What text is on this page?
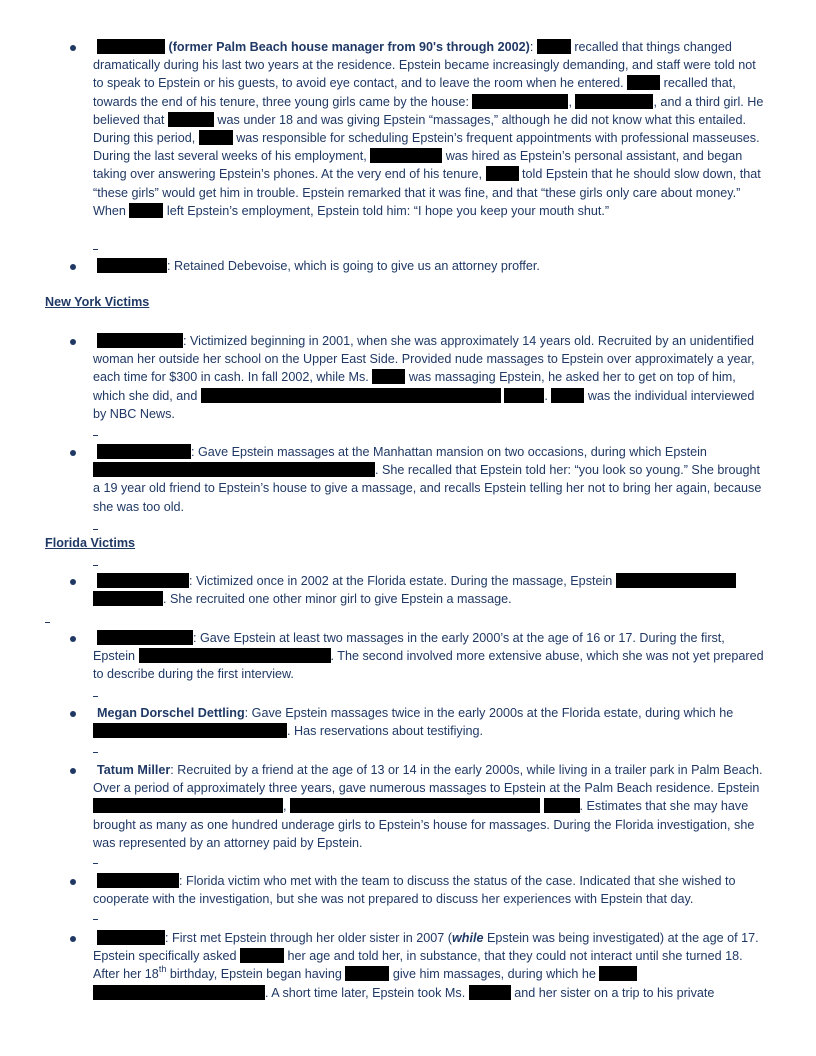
(former Palm Beach house manager from 90's through 2002):	recalled that things changed dramatically during his last two years at the residence. Epstein became increasingly demanding, and staff were told not to speak to Epstein or his guests, to avoid eye contact, and to leave the room when he entered.	recalled that, towards the end of his tenure, three young girls came by the house:	,	, and a third girl. He believed that	was under 18 and was giving Epstein “massages,” although he did not know what this entailed. During this period,	was responsible for scheduling Epstein’s frequent appointments with professional masseuses. During the last several weeks of his employment,	was hired as Epstein’s personal assistant, and began taking over answering Epstein’s phones. At the very end of his tenure,	told Epstein that he should slow down, that “these girls” would get him in trouble. Epstein remarked that it was fine, and that “these girls only care about money.” When	left Epstein’s employment, Epstein told him: “I hope you keep your mouth shut.”
: Retained Debevoise, which is going to give us an attorney proffer.
New York Victims
: Victimized beginning in 2001, when she was approximately 14 years old. Recruited by an unidentified woman her outside her school on the Upper East Side. Provided nude massages to Epstein over approximately a year, each time for $300 in cash. In fall 2002, while Ms.	was massaging Epstein, he asked her to get on top of him, which she did, and	.	was the individual interviewed by NBC News.
: Gave Epstein massages at the Manhattan mansion on two occasions, during which Epstein . She recalled that Epstein told her: “you look so young.” She brought a 19 year old friend to Epstein’s house to give a massage, and recalls Epstein telling her not to bring her again, because she was too old.
Florida Victims
: Victimized once in 2002 at the Florida estate. During the massage, Epstein  . She recruited one other minor girl to give Epstein a massage.
: Gave Epstein at least two massages in the early 2000’s at the age of 16 or 17. During the first, Epstein	. The second involved more extensive abuse, which she was not yet prepared to describe during the first interview.
Megan Dorschel Dettling: Gave Epstein massages twice in the early 2000s at the Florida estate, during which he . Has reservations about testifiying.
Tatum Miller: Recruited by a friend at the age of 13 or 14 in the early 2000s, while living in a trailer park in Palm Beach. Over a period of approximately three years, gave numerous massages to Epstein at the Palm Beach residence. Epstein ,	. Estimates that she may have brought as many as one hundred underage girls to Epstein’s house for massages. During the Florida investigation, she was represented by an attorney paid by Epstein.
: Florida victim who met with the team to discuss the status of the case. Indicated that she wished to cooperate with the investigation, but she was not prepared to discuss her experiences with Epstein that day.
: First met Epstein through her older sister in 2007 (while Epstein was being investigated) at the age of 17. Epstein specifically asked	her age and told her, in substance, that they could not interact until she turned 18. After her 18th birthday, Epstein began having	give him massages, during which he  . A short time later, Epstein took Ms.	and her sister on a trip to his private
